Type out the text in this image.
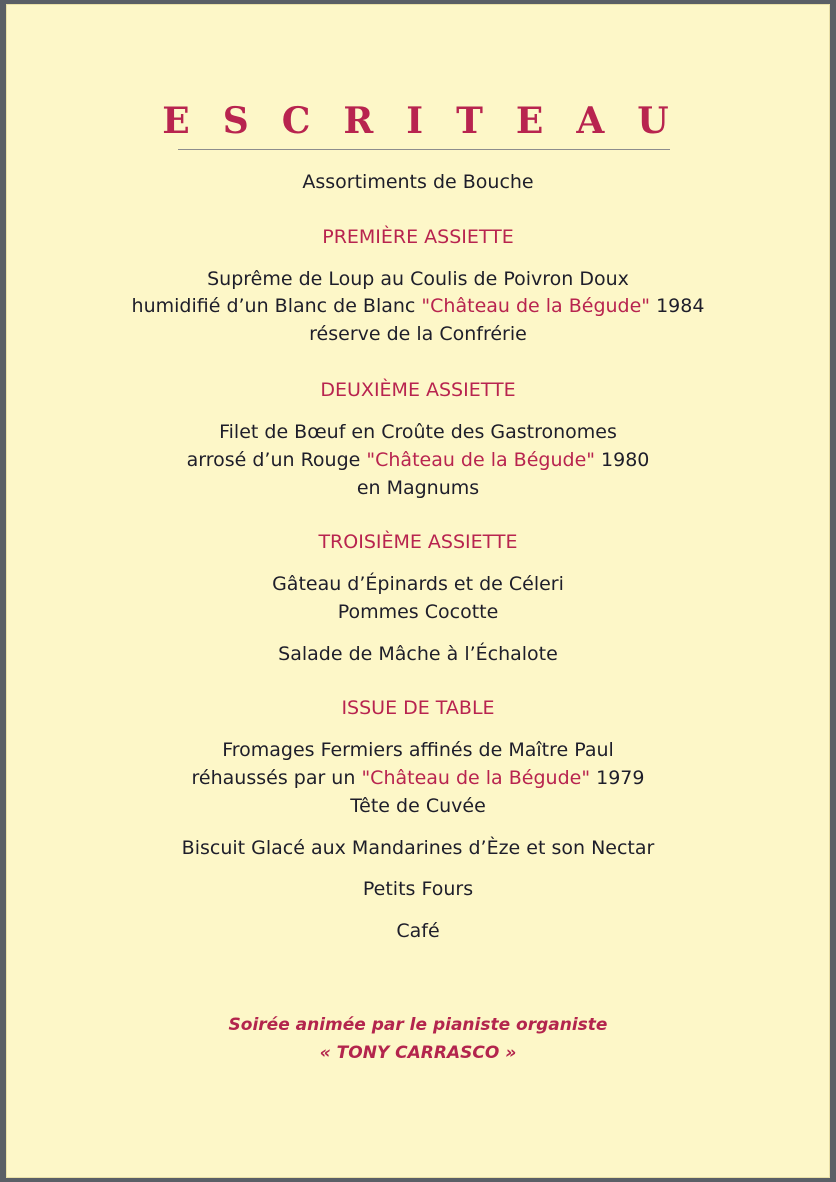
ESCRITEAU
Assortiments de Bouche
PREMIÈRE ASSIETTE
Suprême de Loup au Coulis de Poivron Doux
humidifié d’un Blanc de Blanc "Château de la Bégude" 1984
réserve de la Confrérie
DEUXIÈME ASSIETTE
Filet de Bœuf en Croûte des Gastronomes
arrosé d’un Rouge "Château de la Bégude" 1980
en Magnums
TROISIÈME ASSIETTE
Gâteau d’Épinards et de Céleri
Pommes Cocotte
Salade de Mâche à l’Échalote
ISSUE DE TABLE
Fromages Fermiers affinés de Maître Paul
réhaussés par un "Château de la Bégude" 1979
Tête de Cuvée
Biscuit Glacé aux Mandarines d’Èze et son Nectar
Petits Fours
Café
Soirée animée par le pianiste organiste
« TONY CARRASCO »
